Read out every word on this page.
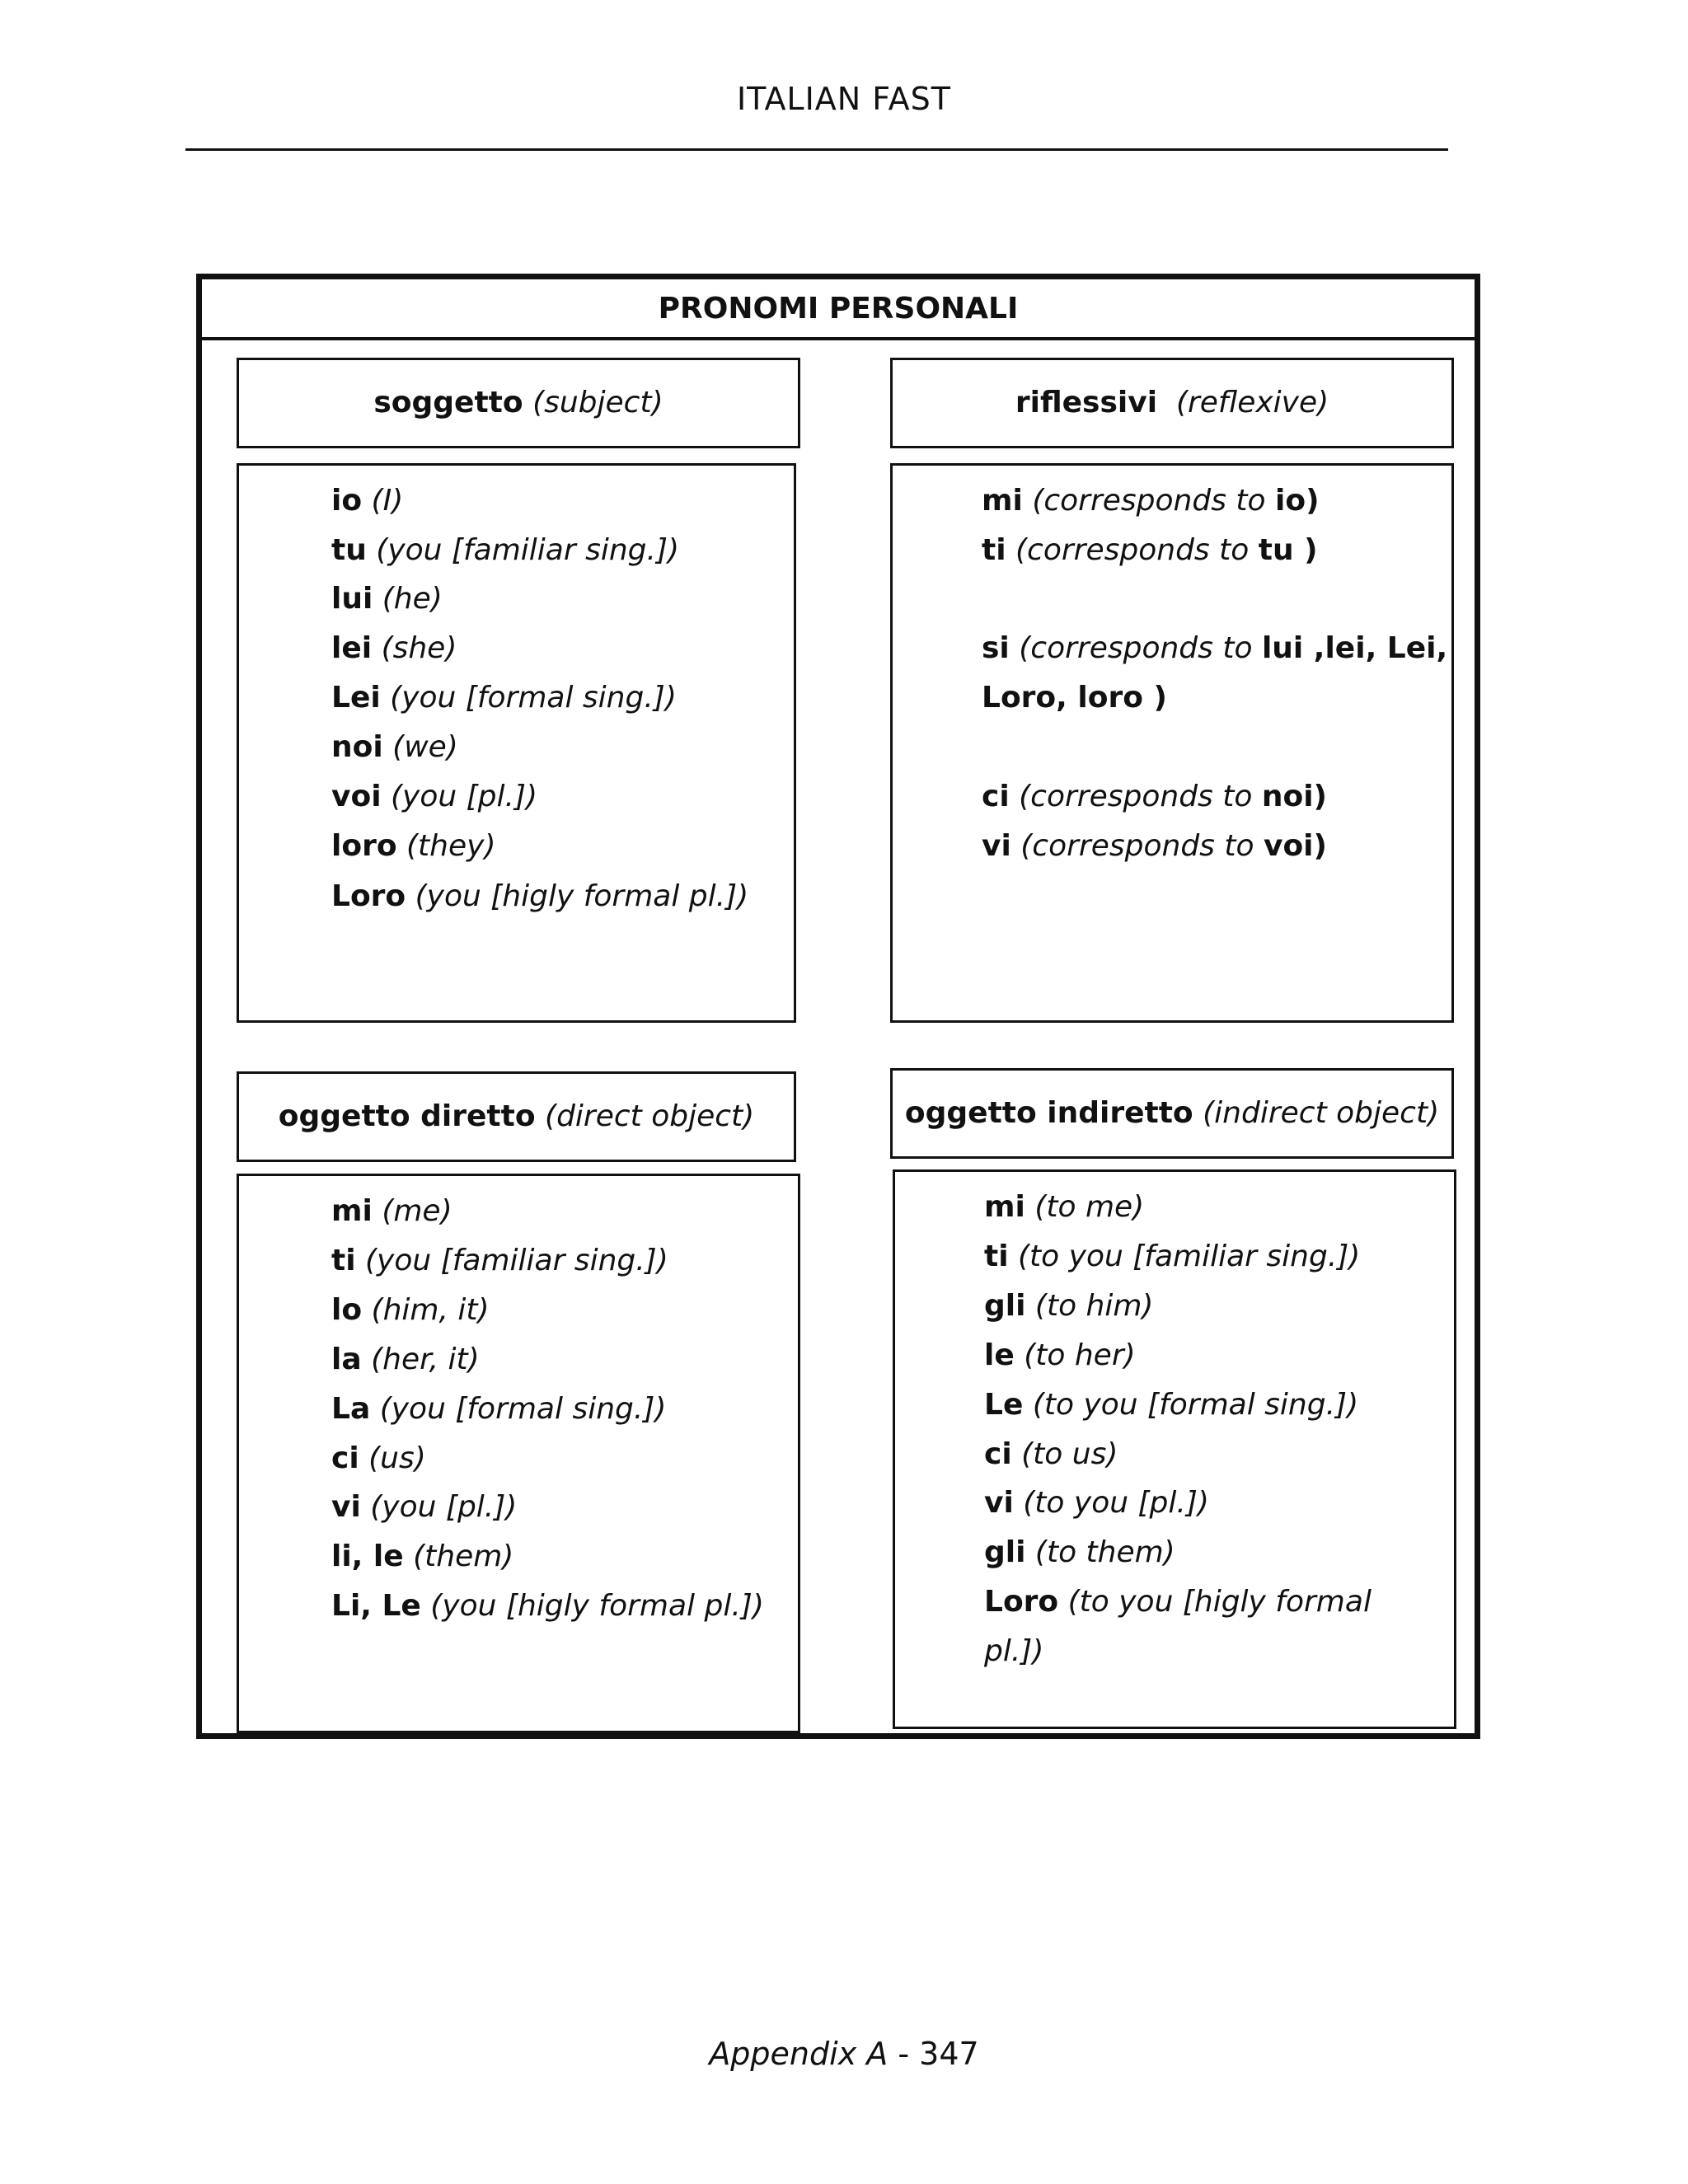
ITALIAN FAST
PRONOMI PERSONALI
soggetto (subject)
io (I)
tu (you [familiar sing.])
lui (he)
lei (she)
Lei (you [formal sing.])
noi (we)
voi (you [pl.])
loro (they)
Loro (you [higly formal pl.])
riflessivi (reflexive)
mi (corresponds to io)
ti (corresponds to tu )
si (corresponds to lui ,lei, Lei,
Loro, loro )
ci (corresponds to noi)
vi (corresponds to voi)
oggetto diretto (direct object)
mi (me)
ti (you [familiar sing.])
lo (him, it)
la (her, it)
La (you [formal sing.])
ci (us)
vi (you [pl.])
li, le (them)
Li, Le (you [higly formal pl.])
oggetto indiretto (indirect object)
mi (to me)
ti (to you [familiar sing.])
gli (to him)
le (to her)
Le (to you [formal sing.])
ci (to us)
vi (to you [pl.])
gli (to them)
Loro (to you [higly formal
pl.])
Appendix A - 347
